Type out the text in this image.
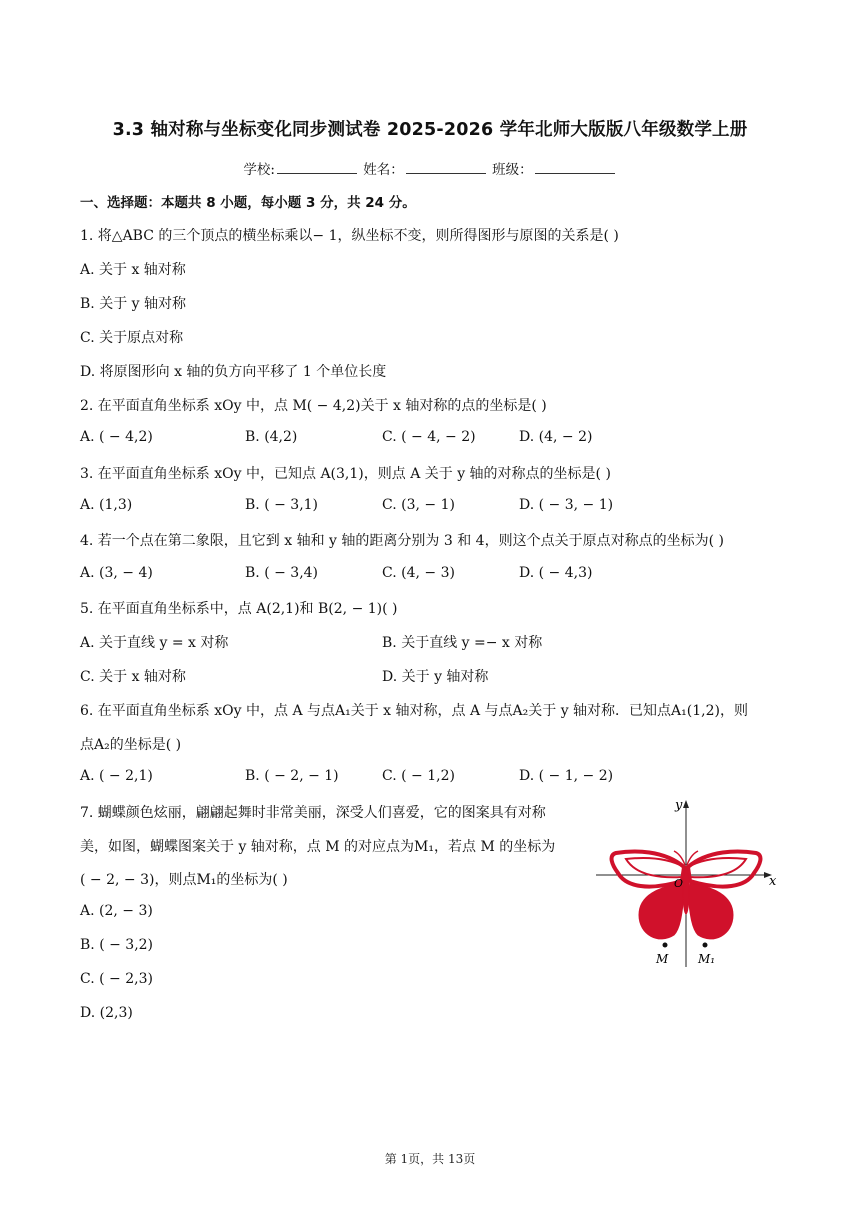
3.3 轴对称与坐标变化同步测试卷 2025-2026 学年北师大版版八年级数学上册
学校:	姓名：	班级：
一、选择题：本题共 8 小题，每小题 3 分，共 24 分。
1. 将△ABC 的三个顶点的横坐标乘以− 1，纵坐标不变，则所得图形与原图的关系是( )
A. 关于 x 轴对称
B. 关于 y 轴对称
C. 关于原点对称
D. 将原图形向 x 轴的负方向平移了 1 个单位长度
2. 在平面直角坐标系 xOy 中，点 M( − 4,2)关于 x 轴对称的点的坐标是( )
A. ( − 4,2)	B. (4,2)	C. ( − 4, − 2)	D. (4, − 2)
3. 在平面直角坐标系 xOy 中，已知点 A(3,1)，则点 A 关于 y 轴的对称点的坐标是( )
A. (1,3)	B. ( − 3,1)	C. (3, − 1)	D. ( − 3, − 1)
4. 若一个点在第二象限，且它到 x 轴和 y 轴的距离分别为 3 和 4，则这个点关于原点对称点的坐标为( )
A. (3, − 4)	B. ( − 3,4)	C. (4, − 3)	D. ( − 4,3)
5. 在平面直角坐标系中，点 A(2,1)和 B(2, − 1)( )
A. 关于直线 y = x 对称	B. 关于直线 y =− x 对称
C. 关于 x 轴对称	D. 关于 y 轴对称
6. 在平面直角坐标系 xOy 中，点 A 与点A₁关于 x 轴对称，点 A 与点A₂关于 y 轴对称．已知点A₁(1,2)，则
点A₂的坐标是( )
A. ( − 2,1)	B. ( − 2, − 1)	C. ( − 1,2)	D. ( − 1, − 2)
7. 蝴蝶颜色炫丽，翩翩起舞时非常美丽，深受人们喜爱，它的图案具有对称
美，如图，蝴蝶图案关于 y 轴对称，点 M 的对应点为M₁，若点 M 的坐标为
( − 2, − 3)，则点M₁的坐标为( )
A. (2, − 3)
B. ( − 3,2)
C. ( − 2,3)
D. (2,3)
x
y
O
M M₁
第 1页，共 13页
